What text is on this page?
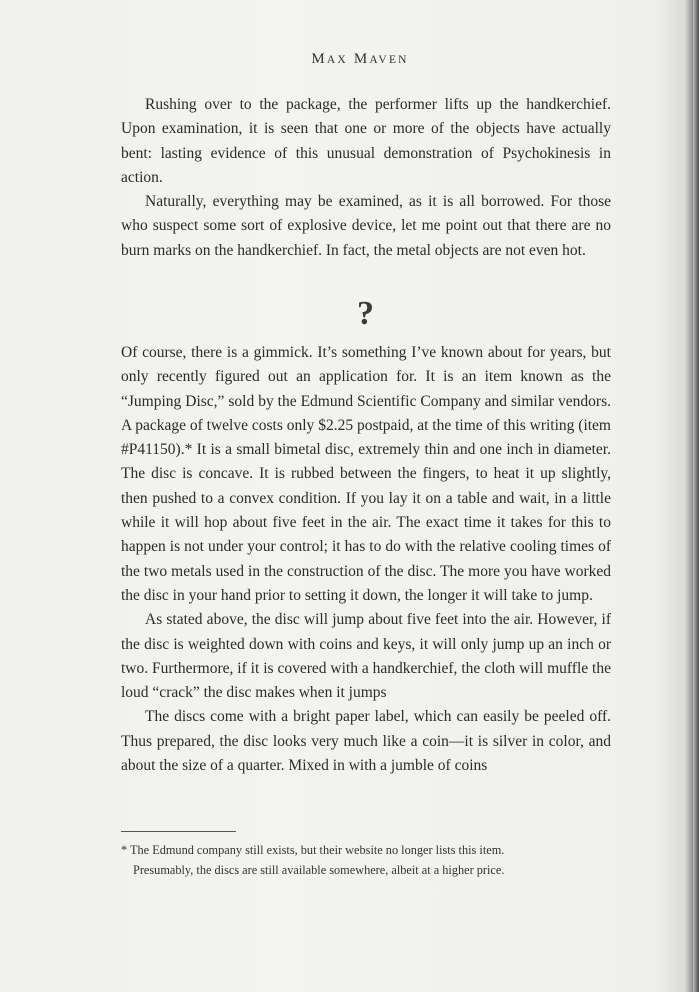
MAX MAVEN

Rushing over to the package, the performer lifts up the handkerchief. Upon examination, it is seen that one or more of the objects have actually bent: lasting evidence of this unusual demonstration of Psychokinesis in action.

Naturally, everything may be examined, as it is all borrowed. For those who suspect some sort of explosive device, let me point out that there are no burn marks on the handkerchief. In fact, the metal objects are not even hot.

?

Of course, there is a gimmick. It’s something I’ve known about for years, but only recently figured out an application for. It is an item known as the “Jumping Disc,” sold by the Edmund Scientific Company and similar vendors. A package of twelve costs only $2.25 postpaid, at the time of this writing (item #P41150).* It is a small bimetal disc, extremely thin and one inch in diameter. The disc is concave. It is rubbed between the fingers, to heat it up slightly, then pushed to a convex condition. If you lay it on a table and wait, in a little while it will hop about five feet in the air. The exact time it takes for this to happen is not under your control; it has to do with the relative cooling times of the two metals used in the construction of the disc. The more you have worked the disc in your hand prior to setting it down, the longer it will take to jump.

As stated above, the disc will jump about five feet into the air. However, if the disc is weighted down with coins and keys, it will only jump up an inch or two. Furthermore, if it is covered with a handkerchief, the cloth will muffle the loud “crack” the disc makes when it jumps

The discs come with a bright paper label, which can easily be peeled off. Thus prepared, the disc looks very much like a coin—it is silver in color, and about the size of a quarter. Mixed in with a jumble of coins

* The Edmund company still exists, but their website no longer lists this item.
Presumably, the discs are still available somewhere, albeit at a higher price.
